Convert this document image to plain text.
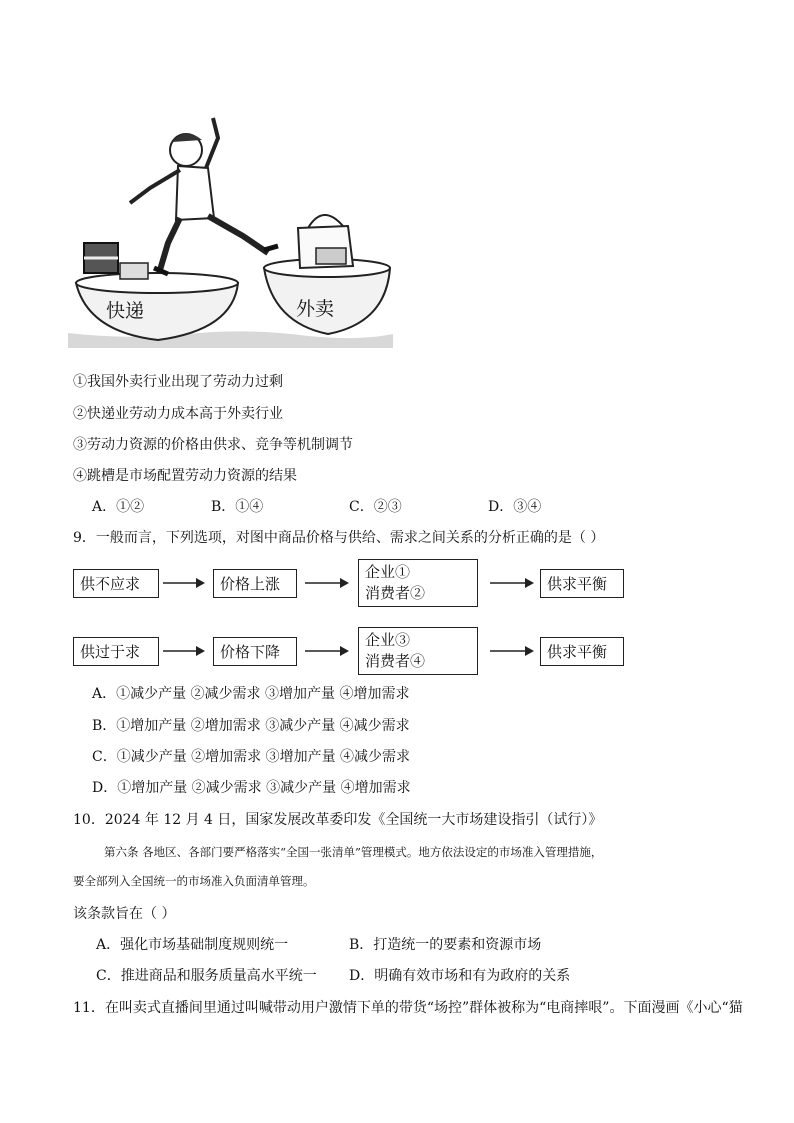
快递	外卖
①我国外卖行业出现了劳动力过剩
②快递业劳动力成本高于外卖行业
③劳动力资源的价格由供求、竞争等机制调节
④跳槽是市场配置劳动力资源的结果
A．①②	B．①④	C．②③	D．③④
9．一般而言，下列选项，对图中商品价格与供给、需求之间关系的分析正确的是（ ）
供不应求	价格上涨
企业①
消费者②	供求平衡
供过于求	价格下降
企业③
消费者④	供求平衡
A．①减少产量 ②减少需求 ③增加产量 ④增加需求
B．①增加产量 ②增加需求 ③减少产量 ④减少需求
C．①减少产量 ②增加需求 ③增加产量 ④减少需求
D．①增加产量 ②减少需求 ③减少产量 ④增加需求
10．2024 年 12 月 4 日，国家发展改革委印发《全国统一大市场建设指引（试行）》
第六条 各地区、各部门要严格落实“全国一张清单”管理模式。地方依法设定的市场准入管理措施，
要全部列入全国统一的市场准入负面清单管理。
该条款旨在（ ）
A．强化市场基础制度规则统一	B．打造统一的要素和资源市场
C．推进商品和服务质量高水平统一 D．明确有效市场和有为政府的关系
11．在叫卖式直播间里通过叫喊带动用户激情下单的带货“场控”群体被称为“电商摔哏”。下面漫画《小心“猫
